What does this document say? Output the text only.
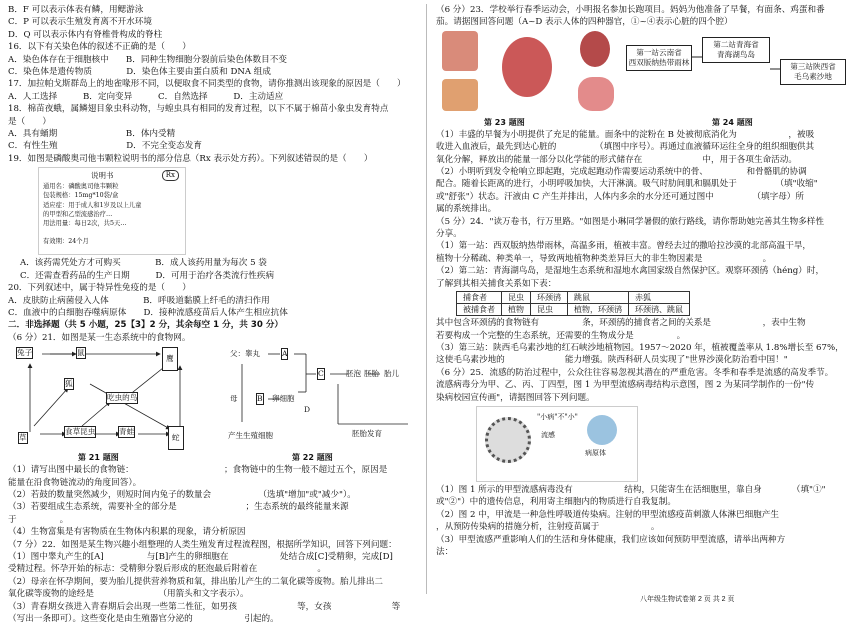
B．F 可以表示体表有鳞，用鳃游泳
C．P 可以表示生殖发育离不开水环境
D．Q 可以表示体内有脊椎骨构成的脊柱
16．以下有关染色体的叙述不正确的是（　　）
A．染色体存在于细胞核中　　B．同种生物细胞分裂前后染色体数目不变
C．染色体是遗传物质　　　　D．染色体主要由蛋白质和 DNA 组成
17．加拉帕戈斯群岛上的地雀喙形不同，以便取食不同类型的食物，请你推测出该现象的原因是（　　）
A．人工选择　　　B．定向变异　　　C．自然选择　　　D．主动适应
18．棉苗夜蛾，属鳞翅目象虫科动物，与蝗虫具有相同的发育过程，以下不属于棉苗小象虫发育特点
是（　　）
A．具有蛹期　　　　　　　　B．体内受精
C．有性生殖　　　　　　　　D．不完全变态发育
19．如图是磷酸奥司他韦颗粒说明书的部分信息（Rx 表示处方药）。下列叙述错误的是（　　）
说明书	Rx
通用名：磷酸奥司他韦颗粒
包装规格：15mg*10袋/盒
适应症：用于成人和1岁及以上儿童
的甲型和乙型流感治疗…
用法用量：每日2次，共5天…
有效期：24个月
A．该药需凭处方才可购买　　　　B．成人该药用量为每次 5 袋
C．还需查看药品的生产日期　　　D．可用于治疗各类流行性疾病
20．下列叙述中，属于特异性免疫的是（　　）
A．皮肤防止病菌侵入人体　　　　B．呼吸道黏膜上纤毛的清扫作用
C．血液中的白细胞吞噬病原体　　D．接种流感疫苗后人体产生相应抗体
二．非选择题（共 5 小题，25【3】2 分，其余每空 1 分，共 30 分）
（6 分）21．如图是某一生态系统中的食物网。
兔子	鼠
鹰
狐
蛇
食草昆虫	青蛙
草
吃虫的鸟
第 21 题图
父：睾丸	A
C	胚泡 胚胎 胎儿
母	B 卵细胞
D
产生生殖细胞	胚胎发育
第 22 题图
（1）请写出图中最长的食物链：　　　　　　　　　　　；食物链中的生物一般不超过五个，原因是
能量在沿食物链流动的角度回答）。
（2）若鼓的数量突然减少，则短时间内兔子的数量会　　　　　　（选填"增加"或"减少"）。
（3）若要组成生态系统，需要补全的部分是　　　　　　　　；生态系统的最终能量来源
于　　　　　。
（4）生物富集是有害物质在生物体内积累的现象，请分析原因
（7 分）22．如图是某生物兴趣小组整理的人类生殖发育过程流程图，根据所学知识，回答下列问题：
（1）图中睾丸产生的[A]　　　　　与[B]产生的卵细胞在　　　　　　处结合成[C]受精卵，完成[D]
受精过程。怀孕开始的标志：受精卵分裂后形成的胚泡最后附着在　　　　　　　。
（2）母亲在怀孕期间，要为胎儿提供营养物质和氧，排出胎儿产生的二氧化碳等废物。胎儿排出二
氧化碳等废物的途经是　　　　　　　　（用箭头和文字表示）。
（3）青春期女孩进入青春期后会出现一些第二性征，如男孩　　　　　　　等，女孩　　　　　　　等
（写出一条即可）。这些变化是由生殖器官分泌的　　　　　　引起的。
（6 分）23．学校举行春季运动会，小明报名参加长跑项目。妈妈为他准备了早餐，有面条、鸡蛋和番
茄。请据图回答问题（A~D 表示人体的四种器官，①~④表示心脏的四个腔）
第 23 题图
第一站云南省
西双版纳热带雨林
第二站青海省
青海湖鸟岛
第三站陕西省
毛乌素沙地
第 24 题图
（1）丰盛的早餐为小明提供了充足的能量。面条中的淀粉在 B 处被彻底消化为　　　　　　，被吸
收进入血液后，最先到达心脏的　　　　　（填图中序号）。再通过血液循环运往全身的组织细胞供其
氧化分解，释放出的能量一部分以化学能的形式储存在　　　　　　　中，用于各项生命活动。
（2）小明听到发令枪响立即起跑，完成起跑动作需要运动系统中的骨、　　　　　和骨骼肌的协调
配合。随着长距离的进行，小明呼吸加快，大汗淋漓。吸气时肋间肌和膈肌处于　　　　　（填"收缩"
或"舒张"）状态。汗液由 C 产生并排出，人体内多余的水分还可通过图中　　　　　（填字母）所
属的系统排出。
（5 分）24．"读万卷书，行万里路。"如图是小琳同学暑假的旅行路线，请你帮助她完善其生物多样性
分享。
（1）第一站：西双版纳热带雨林，高温多雨，植被丰富。曾经去过的撒哈拉沙漠的北部高温干旱，
植物十分稀疏、种类单一，导致两地植物种类差异巨大的非生物因素是　　　　　　　。
（2）第二站：青海湖鸟岛，是湿地生态系统和湿地水禽国家级自然保护区。观察环颈鸻（héng）时，
了解到其相关捕食关系如下表：
捕食者	昆虫	环颈鸻	跳鼠	赤狐
被捕食者	植物	昆虫	植物，环颈鸻	环颈鸻、跳鼠
其中包含环颈鸻的食物链有　　　　　条，环颈鸻的捕食者之间的关系是　　　　　　，表中生物
若要构成一个完整的生态系统，还需要的生物成分是　　　　　。
（3）第三站：陕西毛乌素沙地的红石峡沙地植物园。1957～2020 年，植被覆盖率从 1.8%增长至 67%，
这使毛乌素沙地的　　　　　　　能力增强。陕西科研人员实现了"世界沙漠化防治看中国！"
（6 分）25．流感的防治过程中，公众往往容易忽视其潜在的严重危害。冬季和春季是流感的高发季节。
流感病毒分为甲、乙、丙、丁四型，图 1 为甲型流感病毒结构示意图，图 2 为某同学制作的一份"传
染病校园宣传画"，请据图回答下列问题。
"小病"不"小"
流感
病原体
（1）图 1 所示的甲型流感病毒没有　　　　　　结构，只能寄生在活细胞里，靠自身　　　　（填"①"
或"②"）中的遗传信息，利用寄主细胞内的物质进行自我复制。
（2）图 2 中，甲流是一种急性呼吸道传染病。注射的甲型流感疫苗刺激人体淋巴细胞产生　　　　　
，从预防传染病的措施分析，注射疫苗属于　　　　　　。
（3）甲型流感严重影响人们的生活和身体健康，我们应该如何预防甲型流感，请举出两种方
法：　　　　　　　　　　　　　　　　　　
八年级生物试卷第 2 页 共 2 页
